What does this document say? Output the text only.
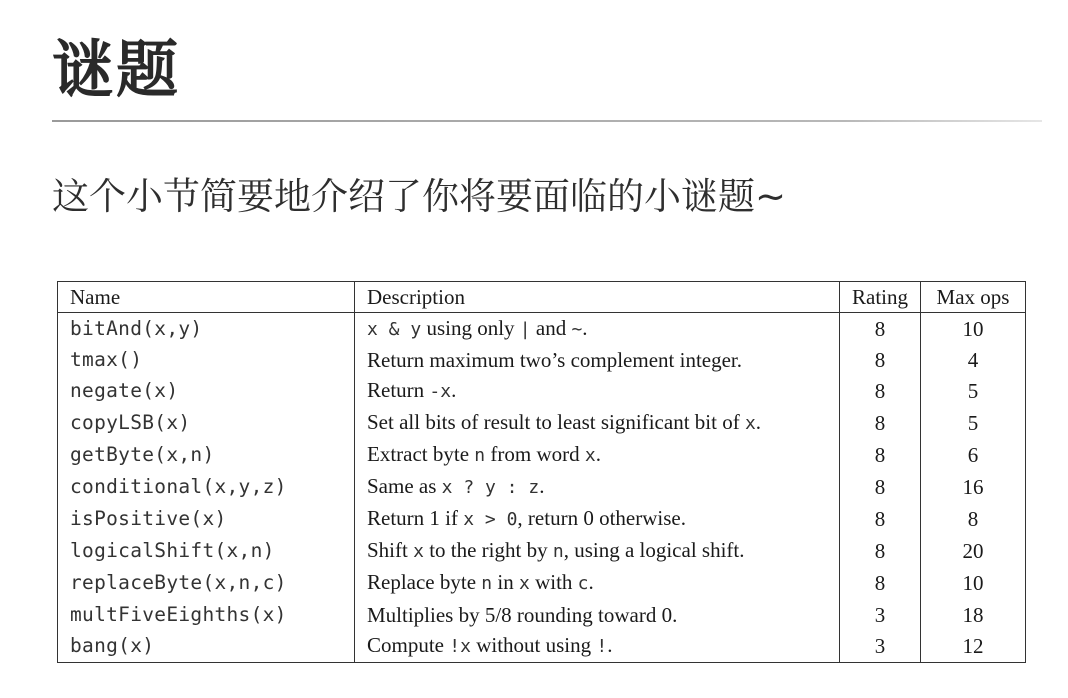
谜题
这个小节简要地介绍了你将要面临的小谜题~
Name	Description	Rating	Max ops
bitAnd(x,y)	x & y using only | and ~.	8	10
tmax()	Return maximum two’s complement integer.	8	4
negate(x)	Return -x.	8	5
copyLSB(x)	Set all bits of result to least significant bit of x.	8	5
getByte(x,n)	Extract byte n from word x.	8	6
conditional(x,y,z)	Same as x ? y : z.	8	16
isPositive(x)	Return 1 if x > 0, return 0 otherwise.	8	8
logicalShift(x,n)	Shift x to the right by n, using a logical shift.	8	20
replaceByte(x,n,c)	Replace byte n in x with c.	8	10
multFiveEighths(x)	Multiplies by 5/8 rounding toward 0.	3	18
bang(x)	Compute !x without using !.	3	12
